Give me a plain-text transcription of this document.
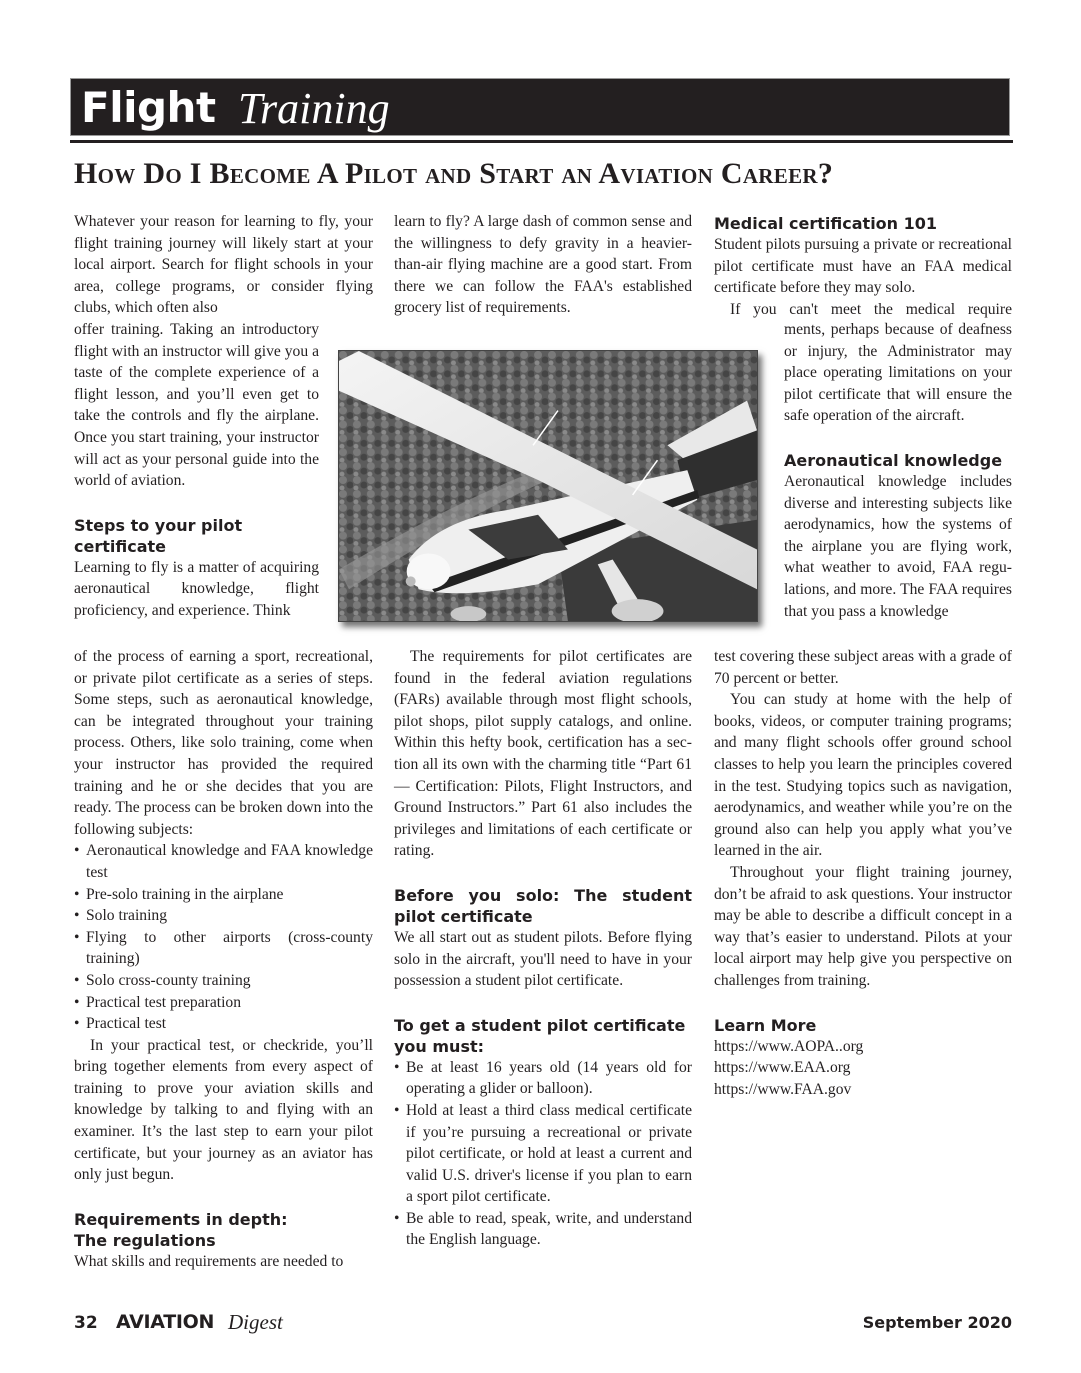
Flight Training
How Do I Become A Pilot and Start an Aviation Career?

Whatever your reason for learning to fly, your flight training journey will likely start at your local airport. Search for flight schools in your area, college programs, or consider flying clubs, which often also

offer training. Taking an introductory flight with an instructor will give you a taste of the complete experience of a flight lesson, and you’ll even get to take the controls and fly the airplane. Once you start training, your instructor will act as your personal guide into the world of aviation.

Steps to your pilot certificate

Learning to fly is a matter of acquiring aeronautical knowledge, flight proficiency, and experience. Think

of the process of earning a sport, recreational, or private pilot certificate as a series of steps. Some steps, such as aeronautical knowledge, can be integrated throughout your training process. Others, like solo training, come when your instructor has provided the required training and he or she decides that you are ready. The process can be broken down into the following subjects:

• Aeronautical knowledge and FAA knowledge test
• Pre-solo training in the airplane
• Solo training
• Flying to other airports (cross-county training)
• Solo cross-county training
• Practical test preparation
• Practical test

In your practical test, or checkride, you’ll bring together elements from every aspect of training to prove your aviation skills and knowledge by talking to and flying with an examiner. It’s the last step to earn your pilot certificate, but your journey as an aviator has only just begun.

Requirements in depth:
The regulations

What skills and requirements are needed to

learn to fly? A large dash of common sense and the willingness to defy gravity in a heavier-than-air flying machine are a good start. From there we can follow the FAA's established grocery list of requirements.

The requirements for pilot certificates are found in the federal aviation regulations (FARs) available through most flight schools, pilot shops, pilot supply catalogs, and online. Within this hefty book, certification has a section all its own with the charming title “Part 61 — Certification: Pilots, Flight Instructors, and Ground Instructors.” Part 61 also includes the privileges and limitations of each certificate or rating.

Before you solo: The student pilot certificate

We all start out as student pilots. Before flying solo in the aircraft, you'll need to have in your possession a student pilot certificate.

To get a student pilot certificate you must:
• Be at least 16 years old (14 years old for operating a glider or balloon).
• Hold at least a third class medical certificate if you’re pursuing a recreational or private pilot certificate, or hold at least a current and valid U.S. driver's license if you plan to earn a sport pilot certificate.
• Be able to read, speak, write, and understand the English language.
Medical certification 101

Student pilots pursuing a private or recreational pilot certificate must have an FAA medical certificate before they may solo.

If you can't meet the medical require

ments, perhaps because of deafness or injury, the Administrator may place operating limitations on your pilot certificate that will ensure the safe operation of the aircraft.

Aeronautical knowledge

Aeronautical knowledge includes diverse and interesting subjects like aerodynamics, how the systems of the airplane you are flying work, what weather to avoid, FAA regulations, and more. The FAA requires that you pass a knowledge

test covering these subject areas with a grade of 70 percent or better.

You can study at home with the help of books, videos, or computer training programs; and many flight schools offer ground school classes to help you learn the principles covered in the test. Studying topics such as navigation, aerodynamics, and weather while you’re on the ground also can help you apply what you’ve learned in the air.

Throughout your flight training journey, don’t be afraid to ask questions. Your instructor may be able to describe a difficult concept in a way that’s easier to understand. Pilots at your local airport may help give you perspective on challenges from training.

Learn More
https://www.AOPA..org
https://www.EAA.org
https://www.FAA.gov
32 AVIATION Digest	September 2020
